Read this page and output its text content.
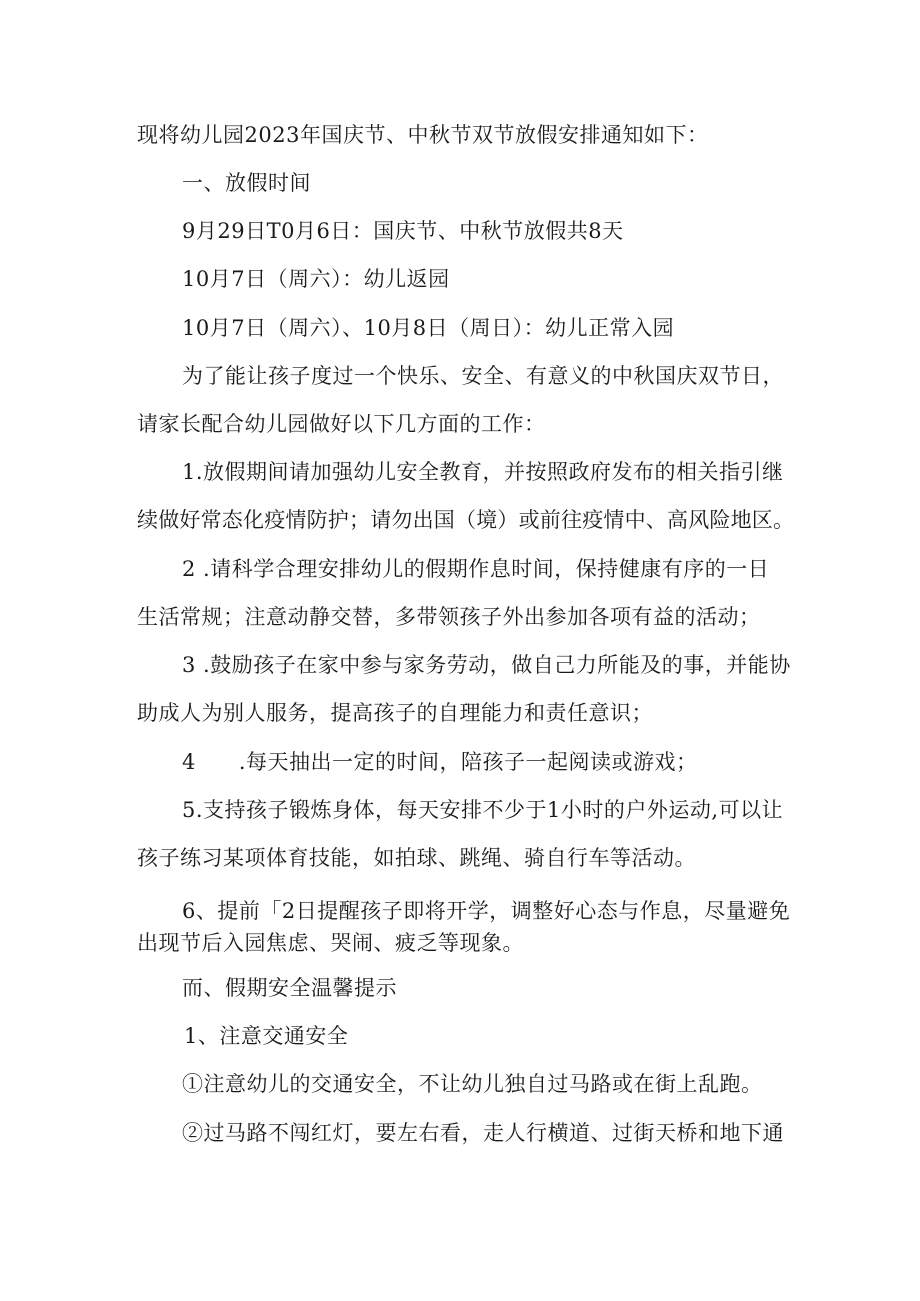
现将幼儿园2023年国庆节、中秋节双节放假安排通知如下：
一、放假时间
9月29日T0月6日：国庆节、中秋节放假共8天
10月7日（周六）：幼儿返园
10月7日（周六）、10月8日（周日）：幼儿正常入园
为了能让孩子度过一个快乐、安全、有意义的中秋国庆双节日，
请家长配合幼儿园做好以下几方面的工作：
1.放假期间请加强幼儿安全教育，并按照政府发布的相关指引继
续做好常态化疫情防护；请勿出国（境）或前往疫情中、高风险地区。
2 .请科学合理安排幼儿的假期作息时间，保持健康有序的一日
生活常规；注意动静交替，多带领孩子外出参加各项有益的活动；
3 .鼓励孩子在家中参与家务劳动，做自己力所能及的事，并能协
助成人为别人服务，提高孩子的自理能力和责任意识；
4　　.每天抽出一定的时间，陪孩子一起阅读或游戏；
5.支持孩子锻炼身体，每天安排不少于1小时的户外运动,可以让
孩子练习某项体育技能，如拍球、跳绳、骑自行车等活动。
6、提前「2日提醒孩子即将开学，调整好心态与作息，尽量避免
出现节后入园焦虑、哭闹、疲乏等现象。
而、假期安全温馨提示
1、注意交通安全
①注意幼儿的交通安全，不让幼儿独自过马路或在街上乱跑。
②过马路不闯红灯，要左右看，走人行横道、过街天桥和地下通
